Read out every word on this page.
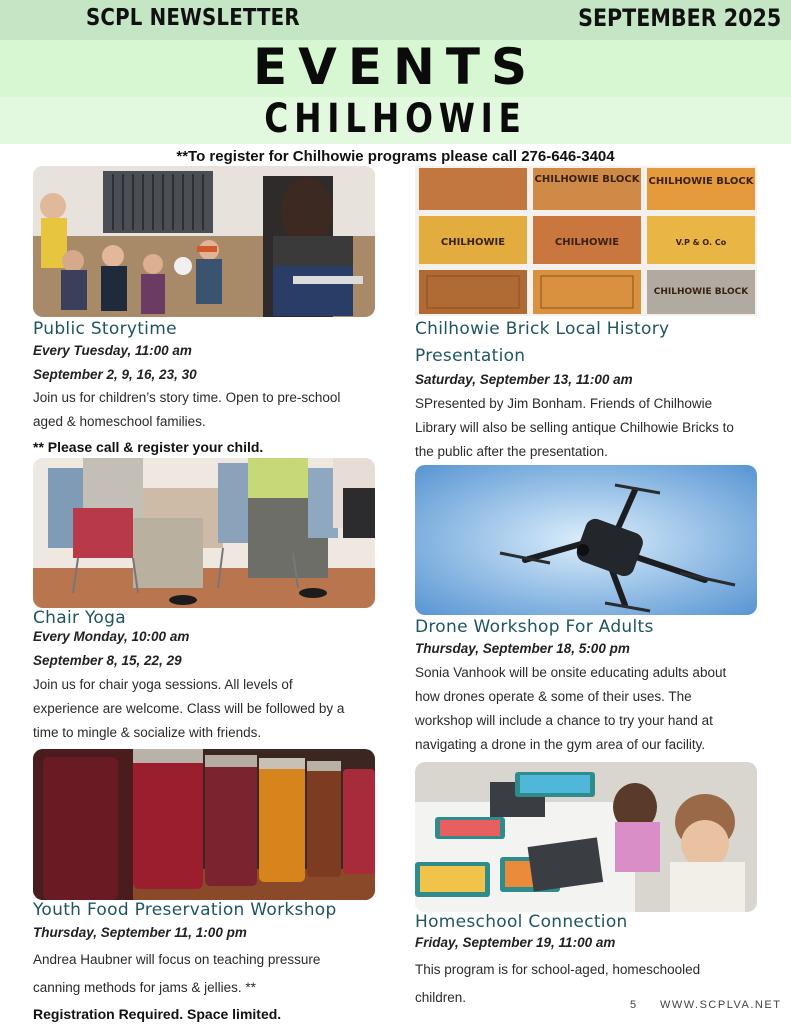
SCPL NEWSLETTER	SEPTEMBER 2025
EVENTS
CHILHOWIE
**To register for Chilhowie programs please call 276-646-3404
Public Storytime
Every Tuesday, 11:00 am
September 2, 9, 16, 23, 30
Join us for children’s story time. Open to pre-school
aged & homeschool families.
** Please call & register your child.
Chair Yoga
Every Monday, 10:00 am
September 8, 15, 22, 29
Join us for chair yoga sessions. All levels of
experience are welcome. Class will be followed by a
time to mingle & socialize with friends.
Youth Food Preservation Workshop
Thursday, September 11, 1:00 pm
Andrea Haubner will focus on teaching pressure
canning methods for jams & jellies. **
Registration Required. Space limited.
CHILHOWIE BLOCK CHILHOWIE BLOCK
CHILHOWIE	CHILHOWIE	V.P & O. Co
CHILHOWIE BLOCK
Chilhowie Brick Local History
Presentation
Saturday, September 13, 11:00 am
SPresented by Jim Bonham. Friends of Chilhowie
Library will also be selling antique Chilhowie Bricks to
the public after the presentation.
Drone Workshop For Adults
Thursday, September 18, 5:00 pm
Sonia Vanhook will be onsite educating adults about
how drones operate & some of their uses. The
workshop will include a chance to try your hand at
navigating a drone in the gym area of our facility.
Homeschool Connection
Friday, September 19, 11:00 am
This program is for school-aged, homeschooled
children.	5 WWW.SCPLVA.NET
